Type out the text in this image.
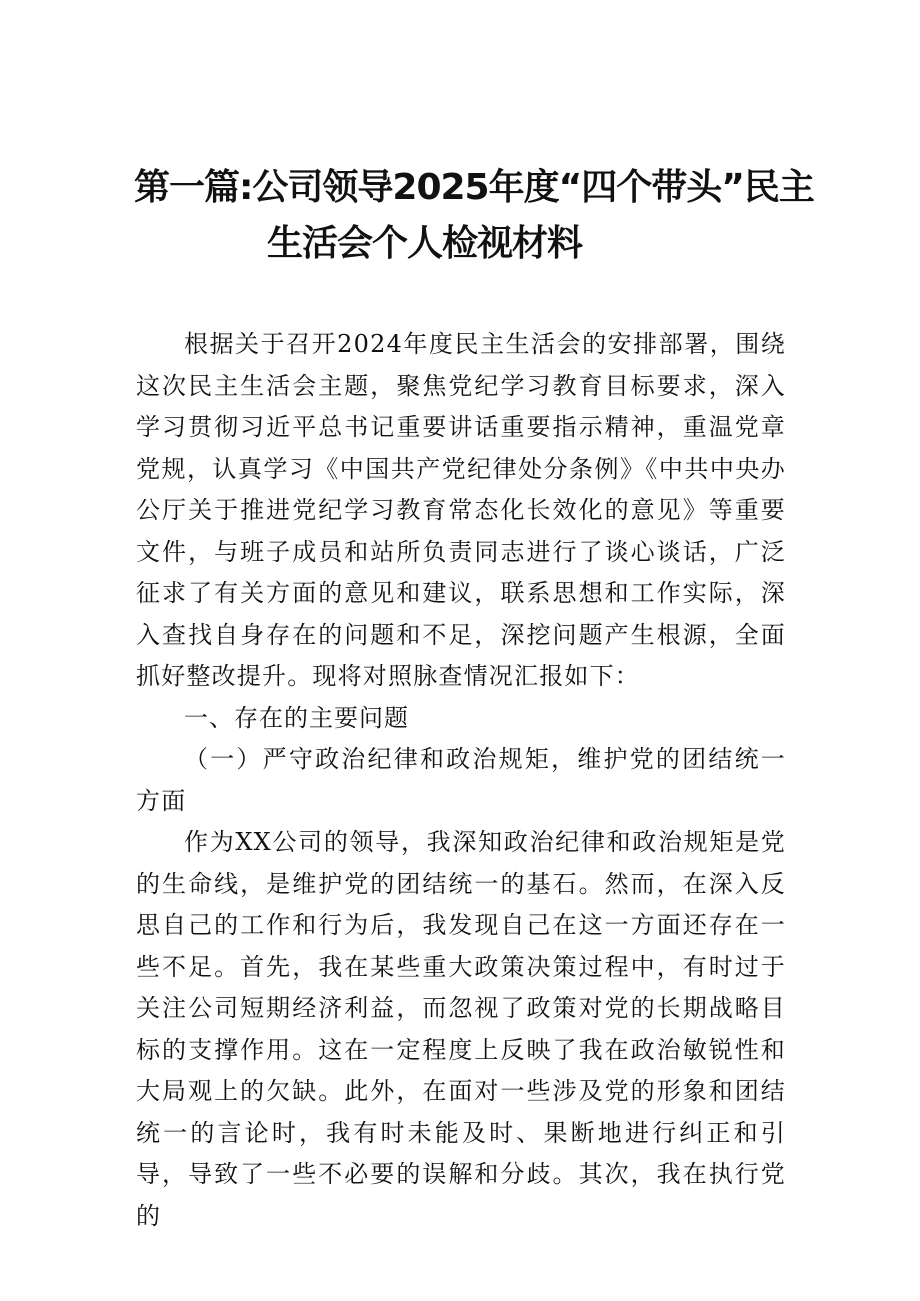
第一篇:公司领导2025年度“四个带头”民主
生活会个人检视材料

根据关于召开2024年度民主生活会的安排部署，围绕这次民主生活会主题，聚焦党纪学习教育目标要求，深入学习贯彻习近平总书记重要讲话重要指示精神，重温党章党规，认真学习《中国共产党纪律处分条例》《中共中央办公厅关于推进党纪学习教育常态化长效化的意见》等重要文件，与班子成员和站所负责同志进行了谈心谈话，广泛征求了有关方面的意见和建议，联系思想和工作实际，深入查找自身存在的问题和不足，深挖问题产生根源，全面抓好整改提升。现将对照脉查情况汇报如下：

一、存在的主要问题

（一）严守政治纪律和政治规矩，维护党的团结统一方面

作为XX公司的领导，我深知政治纪律和政治规矩是党的生命线，是维护党的团结统一的基石。然而，在深入反思自己的工作和行为后，我发现自己在这一方面还存在一些不足。首先，我在某些重大政策决策过程中，有时过于关注公司短期经济利益，而忽视了政策对党的长期战略目标的支撑作用。这在一定程度上反映了我在政治敏锐性和大局观上的欠缺。此外，在面对一些涉及党的形象和团结统一的言论时，我有时未能及时、果断地进行纠正和引导，导致了一些不必要的误解和分歧。其次，我在执行党的
